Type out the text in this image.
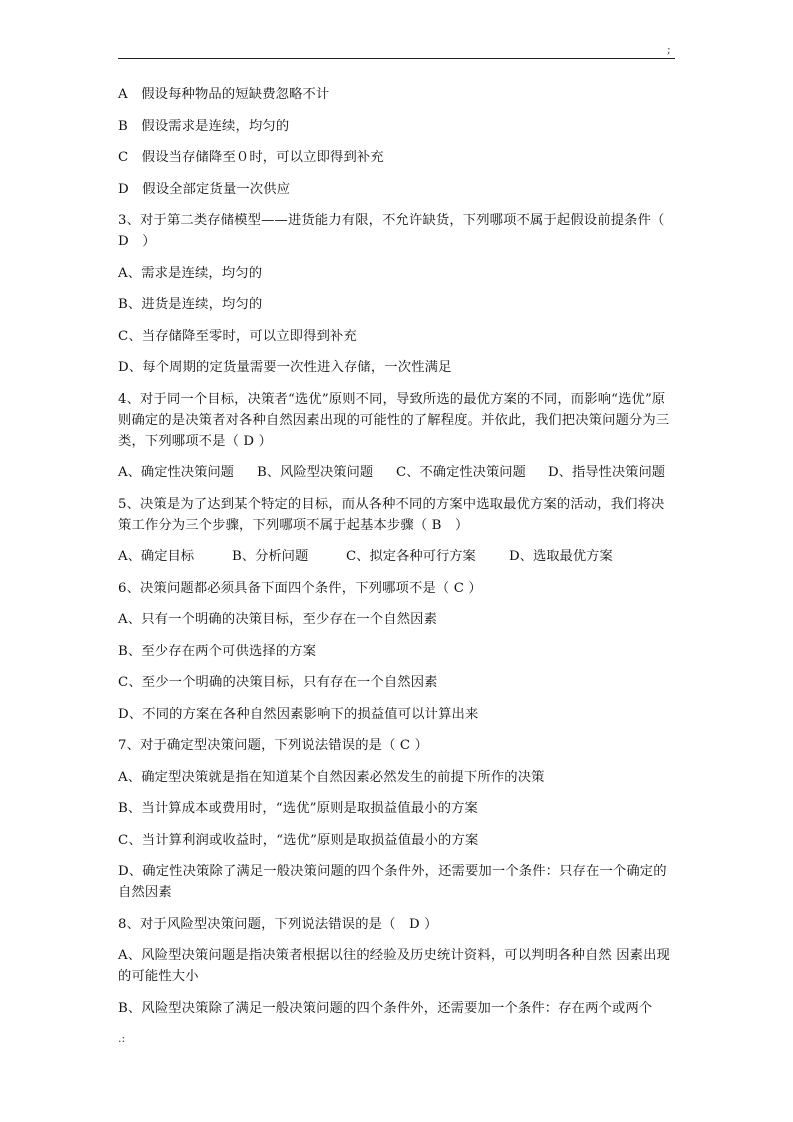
;

A　假设每种物品的短缺费忽略不计

B　假设需求是连续，均匀的

C　假设当存储降至０时，可以立即得到补充

D　假设全部定货量一次供应

3、对于第二类存储模型——进货能力有限，不允许缺货，下列哪项不属于起假设前提条件（　D　）

A、需求是连续，均匀的

B、进货是连续，均匀的

C、当存储降至零时，可以立即得到补充

D、每个周期的定货量需要一次性进入存储，一次性满足

4、对于同一个目标，决策者“选优”原则不同，导致所选的最优方案的不同，而影响“选优”原则确定的是决策者对各种自然因素出现的可能性的了解程度。并依此，我们把决策问题分为三类，下列哪项不是（ D ）

A、确定性决策问题	B、风险型决策问题	C、不确定性决策问题	D、指导性决策问题

5、决策是为了达到某个特定的目标，而从各种不同的方案中选取最优方案的活动，我们将决策工作分为三个步骤，下列哪项不属于起基本步骤（ B　）

A、确定目标	B、分析问题	C、拟定各种可行方案	D、选取最优方案

6、决策问题都必须具备下面四个条件，下列哪项不是（ C ）

A、只有一个明确的决策目标，至少存在一个自然因素

B、至少存在两个可供选择的方案

C、至少一个明确的决策目标，只有存在一个自然因素

D、不同的方案在各种自然因素影响下的损益值可以计算出来

7、对于确定型决策问题，下列说法错误的是（ C ）

A、确定型决策就是指在知道某个自然因素必然发生的前提下所作的决策

B、当计算成本或费用时，“选优”原则是取损益值最小的方案

C、当计算利润或收益时，“选优”原则是取损益值最小的方案

D、确定性决策除了满足一般决策问题的四个条件外，还需要加一个条件：只存在一个确定的自然因素

8、对于风险型决策问题，下列说法错误的是（　D ）

A、风险型决策问题是指决策者根据以往的经验及历史统计资料，可以判明各种自然 因素出现的可能性大小

B、风险型决策除了满足一般决策问题的四个条件外，还需要加一个条件：存在两个或两个

.:
